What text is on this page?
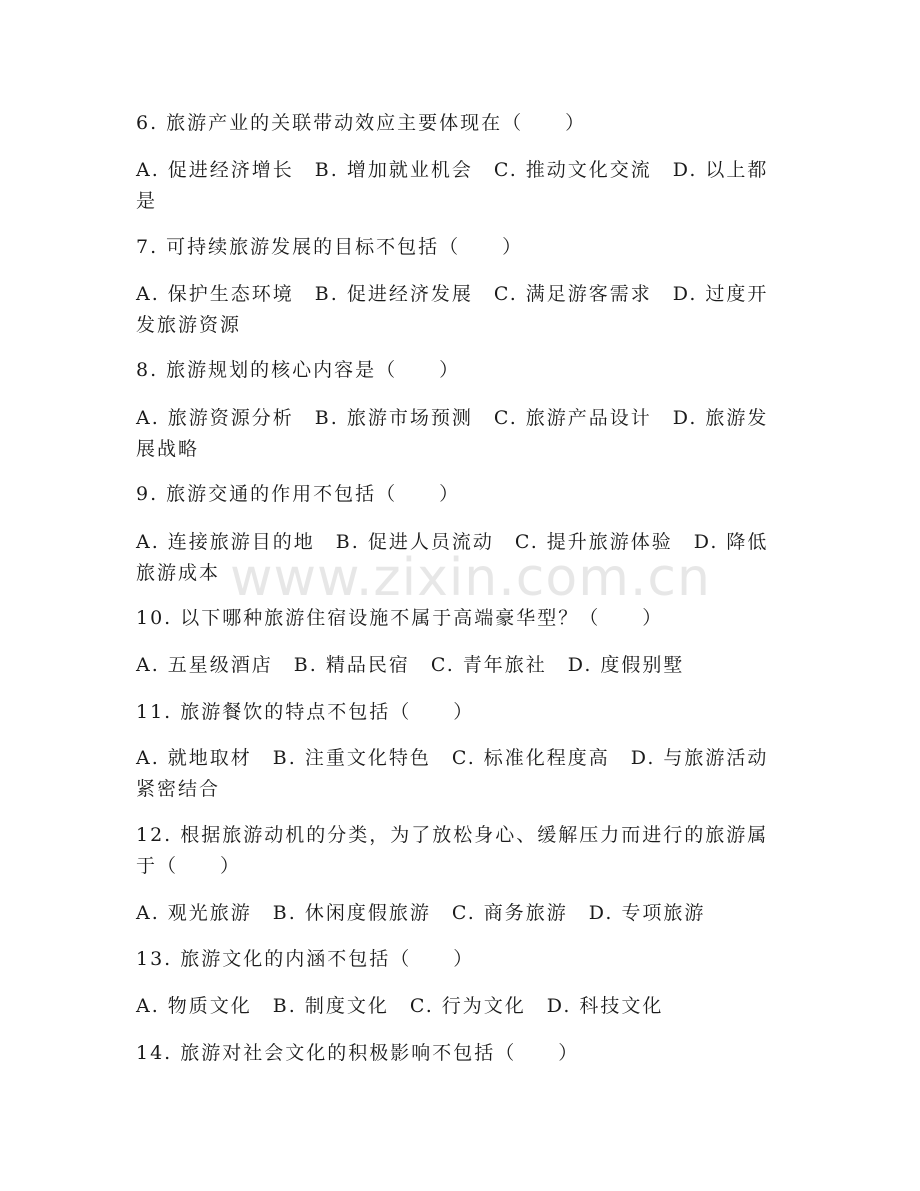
6. 旅游产业的关联带动效应主要体现在（　　）
A. 促进经济增长　B. 增加就业机会　C. 推动文化交流　D. 以上都是
7. 可持续旅游发展的目标不包括（　　）
A. 保护生态环境　B. 促进经济发展　C. 满足游客需求　D. 过度开发旅游资源
8. 旅游规划的核心内容是（　　）
A. 旅游资源分析　B. 旅游市场预测　C. 旅游产品设计　D. 旅游发展战略
9. 旅游交通的作用不包括（　　）
A. 连接旅游目的地　B. 促进人员流动　C. 提升旅游体验　D. 降低旅游成本 www.zixin.com.cn
10. 以下哪种旅游住宿设施不属于高端豪华型？（　　）
A. 五星级酒店　B. 精品民宿　C. 青年旅社　D. 度假别墅
11. 旅游餐饮的特点不包括（　　）
A. 就地取材　B. 注重文化特色　C. 标准化程度高　D. 与旅游活动紧密结合
12. 根据旅游动机的分类，为了放松身心、缓解压力而进行的旅游属于（　　）
A. 观光旅游　B. 休闲度假旅游　C. 商务旅游　D. 专项旅游
13. 旅游文化的内涵不包括（　　）
A. 物质文化　B. 制度文化　C. 行为文化　D. 科技文化
14. 旅游对社会文化的积极影响不包括（　　）
